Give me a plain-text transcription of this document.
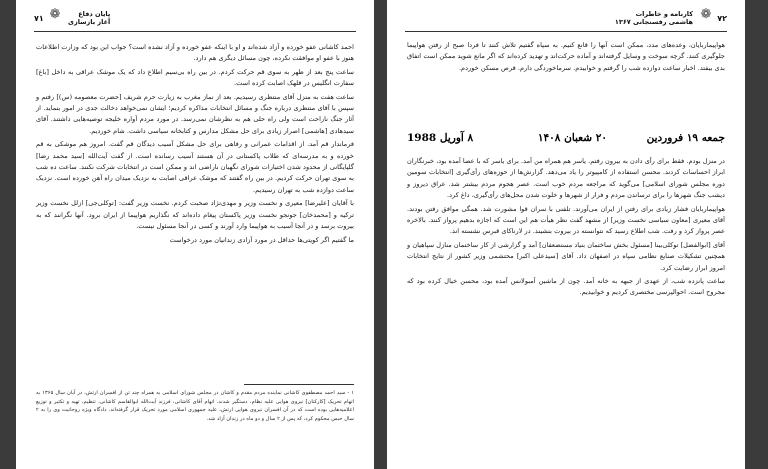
۷۱ ❁	پایان دفاع
آغاز بازسازی

احمد کاشانی عفو خورده و آزاد شده‌اند و او با اینکه عفو خورده و آزاد نشده است؟ جواب این بود که وزارت اطلاعات هنوز با عفو او موافقت نکرده، چون مسائل دیگری هم دارد.

ساعت پنج بعد از ظهر به سوی قم حرکت کردم. در بین راه بی‌سیم اطلاع داد که یک موشک عراقی به داخل [باغ] سفارت انگلیس در قلهک اصابت کرده است.

ساعت هفت به منزل آقای منتظری رسیدیم. بعد از نماز مغرب به زیارت حرم شریف [حضرت معصومه (س)] رفتم و سپس با آقای منتظری درباره جنگ و مسائل انتخابات مذاکره کردیم؛ ایشان نمی‌خواهد دخالت جدی در امور بنماید. از آثار جنگ ناراحت است ولی راه حلی هم به نظرشان نمی‌رسد. در مورد مردم آواره خلیجه توصیه‌هایی داشتند. آقای سیدهادی [هاشمی] اصرار زیادی برای حل مشکل مدارس و کتابخانه سیاسی داشت. شام خوردیم.

فرماندار قم آمد. از اقدامات عمرانی و رفاهی برای حل مشکل آسیب دیدگان قم گفت. امروز هم موشکی به قم خورده و به مدرسه‌ای که طلاب پاکستانی در آن هستند آسیب رسانده است. از گفت آیت‌الله [سید محمد رضا] گلپایگانی از محدود شدن اختیارات شورای نگهبان ناراضی اند و ممکن است در انتخابات شرکت نکنند. ساعت ده شب به سوی تهران حرکت کردیم. در بین راه گفتند که موشک عراقی اصابت به نزدیک میدان راه آهن خورده است. نزدیک ساعت دوازده شب به تهران رسیدیم.

با آقایان [علیرضا] معیری و نخست وزیر و مهدی‌نژاد صحبت کردم. نخست وزیر گفت: [توکلی‌جی] ازلل نخست وزیر ترکیه و [محمدخان] جونجو نخست وزیر پاکستان پیغام داده‌اند که نگذاریم هواپیما از ایران برود. آنها نگرانند که به بیروت برسد و در آنجا آسیب به هواپیما وارد آورند و کسی در آنجا مسئول نیست.

ما گفتیم اگر کویتی‌ها حداقل در مورد آزادی زندانیان مورد درخواست

۱ - سید احمد مصطفوی کاشانی نماینده مردم مقدم و کاشان در مجلس شورای اسلامی به همراه چند تن از افسران ارتش، در آبان سال ۱۳۶۵ به اتهام تحریک [کارکنان] نیروی هوایی عليه نظام، دستگیر شدند. اتهام آقای کاشانی، فرزند آیت‌الله ابوالقاسم کاشانی، تنظیم، تهیه و تکثیر و توزیع اعلامیه‌هایی بوده است که در آن افسران نیروی هوایی ارتش، علیه جمهوری اسلامی مورد تحریک قرار گرفته‌اند. دادگاه ویژه روحانیت وی را به ۲ سال حبس محکوم کرد، که پس از ۲ سال و دو ماه در زندان آزاد شد.
کارنامه و خاطرات
هاشمی رفسنجانی ۱۳۶۷ ❁ ۷۲

هواپیماربایان، وعده‌های مدد، ممکن است آنها را قانع کنیم. به سپاه گفتیم تلاش کنند تا فردا صبح از رفتن هواپیما جلوگیری کنند. گرچه سوخت و وسایل گرفته‌اند و آماده حرکت‌اند و تهدید کرده‌اند که اگر مانع شوید ممکن است اتفاق بدی بیفتد. اخبار ساعت دوازده شب را گرفتم و خوابیدم. سرماخوردگی دارم. قرص مسکن خوردم.

جمعه ۱۹ فروردین
۲۰ شعبان ۱۴۰۸
۸ آوریل 1988

در منزل بودم. فقط برای رأی دادن به بیرون رفتم. یاسر هم همراه من آمد. برای یاسر که با عصا آمده بود، خبرنگاران ابراز احساسات کردند. محسن استفاده از کامپیوتر را یاد می‌دهد. گزارش‌ها از حوزه‌های رأی‌گیری [انتخابات سومین دوره مجلس شورای اسلامی] می‌گوید که مراجعه مردم خوب است. عصر هجوم مردم بیشتر شد. عراق دیروز و دیشب جنگ شهرها را برای ترساندن مردم و فرار از شهرها و خلوت شدن محل‌های رأی‌گیری، داغ کرد.

هواپیماربایان فشار زیادی برای رفتن از ایران می‌آورند. تلفنی با سران قوا مشورت شد. همگی موافق رفتن بودند. آقای معیری [معاون سیاسی نخست وزیر] از مشهد گفت نظر هیأت هم این است که اجازه بدهیم پرواز کنند. بالاخره عصر پرواز کرد و رفت. شب اطلاع رسید که نتوانسته در بیروت بنشیند. در لارناکای قبرس نشسته اند.

آقای [ابوالفضل] توکلی‌بینا [مسئول بخش ساختمان بنیاد مستضعفان] آمد و گزارشی از کار ساختمان منازل سپاهیان و همچنین تشکیلات صنایع نظامی سپاه در اصفهان داد. آقای [سیدعلی اکبر] محتشمی وزیر کشور از نتایج انتخابات امروز ابراز رضایت کرد.

ساعت پانزده شب، از عهدی از جبهه به خانه آمد. چون از ماشین آمبولانس آمده بود، محسن خیال کرده بود که مجروح است. احوالپرسی مختصری کردیم و خوابیدیم.
